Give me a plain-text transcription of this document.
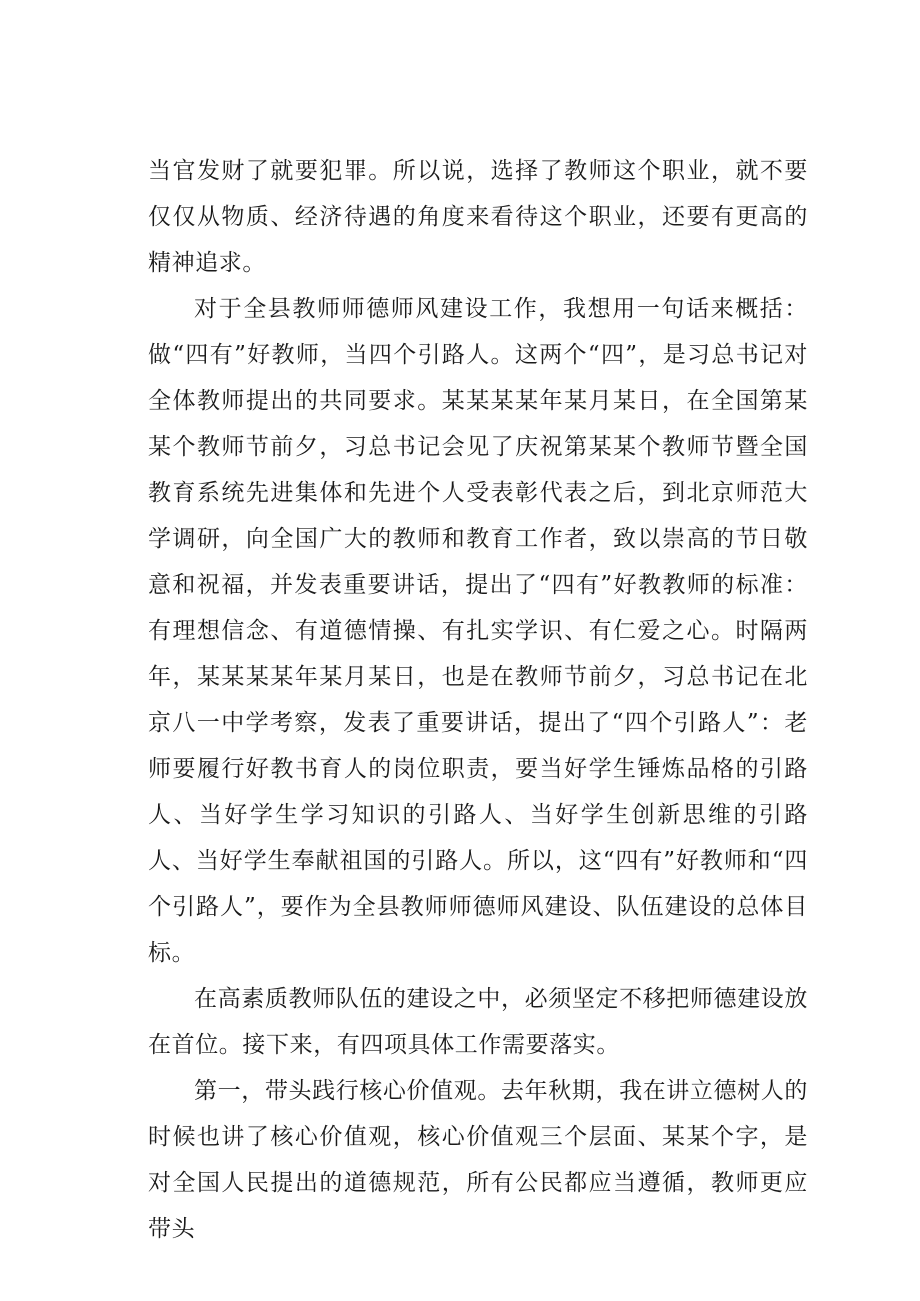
当官发财了就要犯罪。所以说，选择了教师这个职业，就不要仅仅从物质、经济待遇的角度来看待这个职业，还要有更高的精神追求。

对于全县教师师德师风建设工作，我想用一句话来概括：做“四有”好教师，当四个引路人。这两个“四”，是习总书记对全体教师提出的共同要求。某某某某年某月某日，在全国第某某个教师节前夕，习总书记会见了庆祝第某某个教师节暨全国教育系统先进集体和先进个人受表彰代表之后，到北京师范大学调研，向全国广大的教师和教育工作者，致以崇高的节日敬意和祝福，并发表重要讲话，提出了“四有”好教教师的标准：有理想信念、有道德情操、有扎实学识、有仁爱之心。时隔两年，某某某某年某月某日，也是在教师节前夕，习总书记在北京八一中学考察，发表了重要讲话，提出了“四个引路人”：老师要履行好教书育人的岗位职责，要当好学生锤炼品格的引路人、当好学生学习知识的引路人、当好学生创新思维的引路人、当好学生奉献祖国的引路人。所以，这“四有”好教师和“四个引路人”，要作为全县教师师德师风建设、队伍建设的总体目标。

在高素质教师队伍的建设之中，必须坚定不移把师德建设放在首位。接下来，有四项具体工作需要落实。

第一，带头践行核心价值观。去年秋期，我在讲立德树人的时候也讲了核心价值观，核心价值观三个层面、某某个字，是对全国人民提出的道德规范，所有公民都应当遵循，教师更应带头
